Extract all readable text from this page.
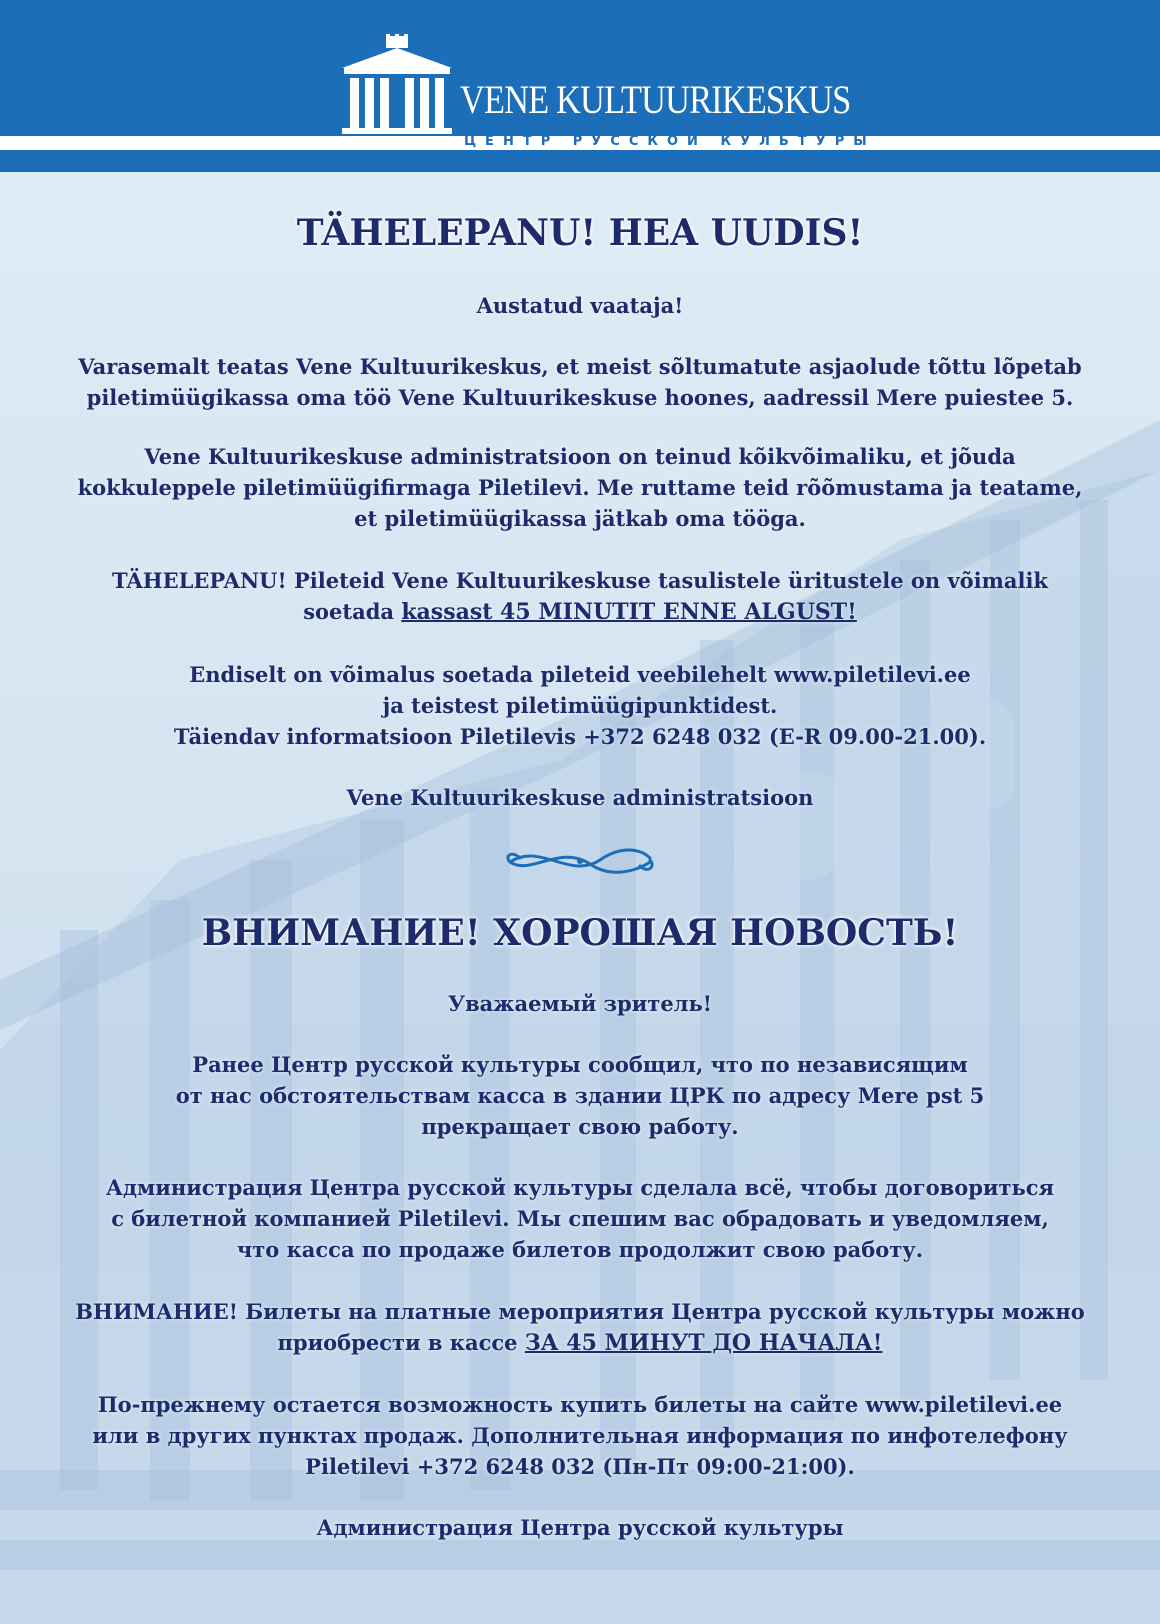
VENE KULTUURIKESKUS
ЦЕНТР РУССКОЙ КУЛЬТУРЫ
TÄHELEPANU! HEA UUDIS!
Austatud vaataja!
Varasemalt teatas Vene Kultuurikeskus, et meist sõltumatute asjaolude tõttu lõpetab
piletimüügikassa oma töö Vene Kultuurikeskuse hoones, aadressil Mere puiestee 5.
Vene Kultuurikeskuse administratsioon on teinud kõikvõimaliku, et jõuda
kokkuleppele piletimüügifirmaga Piletilevi. Me ruttame teid rõõmustama ja teatame,
et piletimüügikassa jätkab oma tööga.
TÄHELEPANU! Pileteid Vene Kultuurikeskuse tasulistele üritustele on võimalik
soetada kassast 45 MINUTIT ENNE ALGUST!
Endiselt on võimalus soetada pileteid veebilehelt www.piletilevi.ee
ja teistest piletimüügipunktidest.
Täiendav informatsioon Piletilevis +372 6248 032 (E-R 09.00-21.00).
Vene Kultuurikeskuse administratsioon
ВНИМАНИЕ! ХОРОШАЯ НОВОСТЬ!
Уважаемый зритель!
Ранее Центр русской культуры сообщил, что по независящим
от нас обстоятельствам касса в здании ЦРК по адресу Mere pst 5
прекращает свою работу.
Администрация Центра русской культуры сделала всё, чтобы договориться
с билетной компанией Piletilevi. Мы спешим вас обрадовать и уведомляем,
что касса по продаже билетов продолжит свою работу.
ВНИМАНИЕ! Билеты на платные мероприятия Центра русской культуры можно
приобрести в кассе ЗА 45 МИНУТ ДО НАЧАЛА!
По-прежнему остается возможность купить билеты на сайте www.piletilevi.ee
или в других пунктах продаж. Дополнительная информация по инфотелефону
Piletilevi +372 6248 032 (Пн-Пт 09:00-21:00).
Администрация Центра русской культуры
